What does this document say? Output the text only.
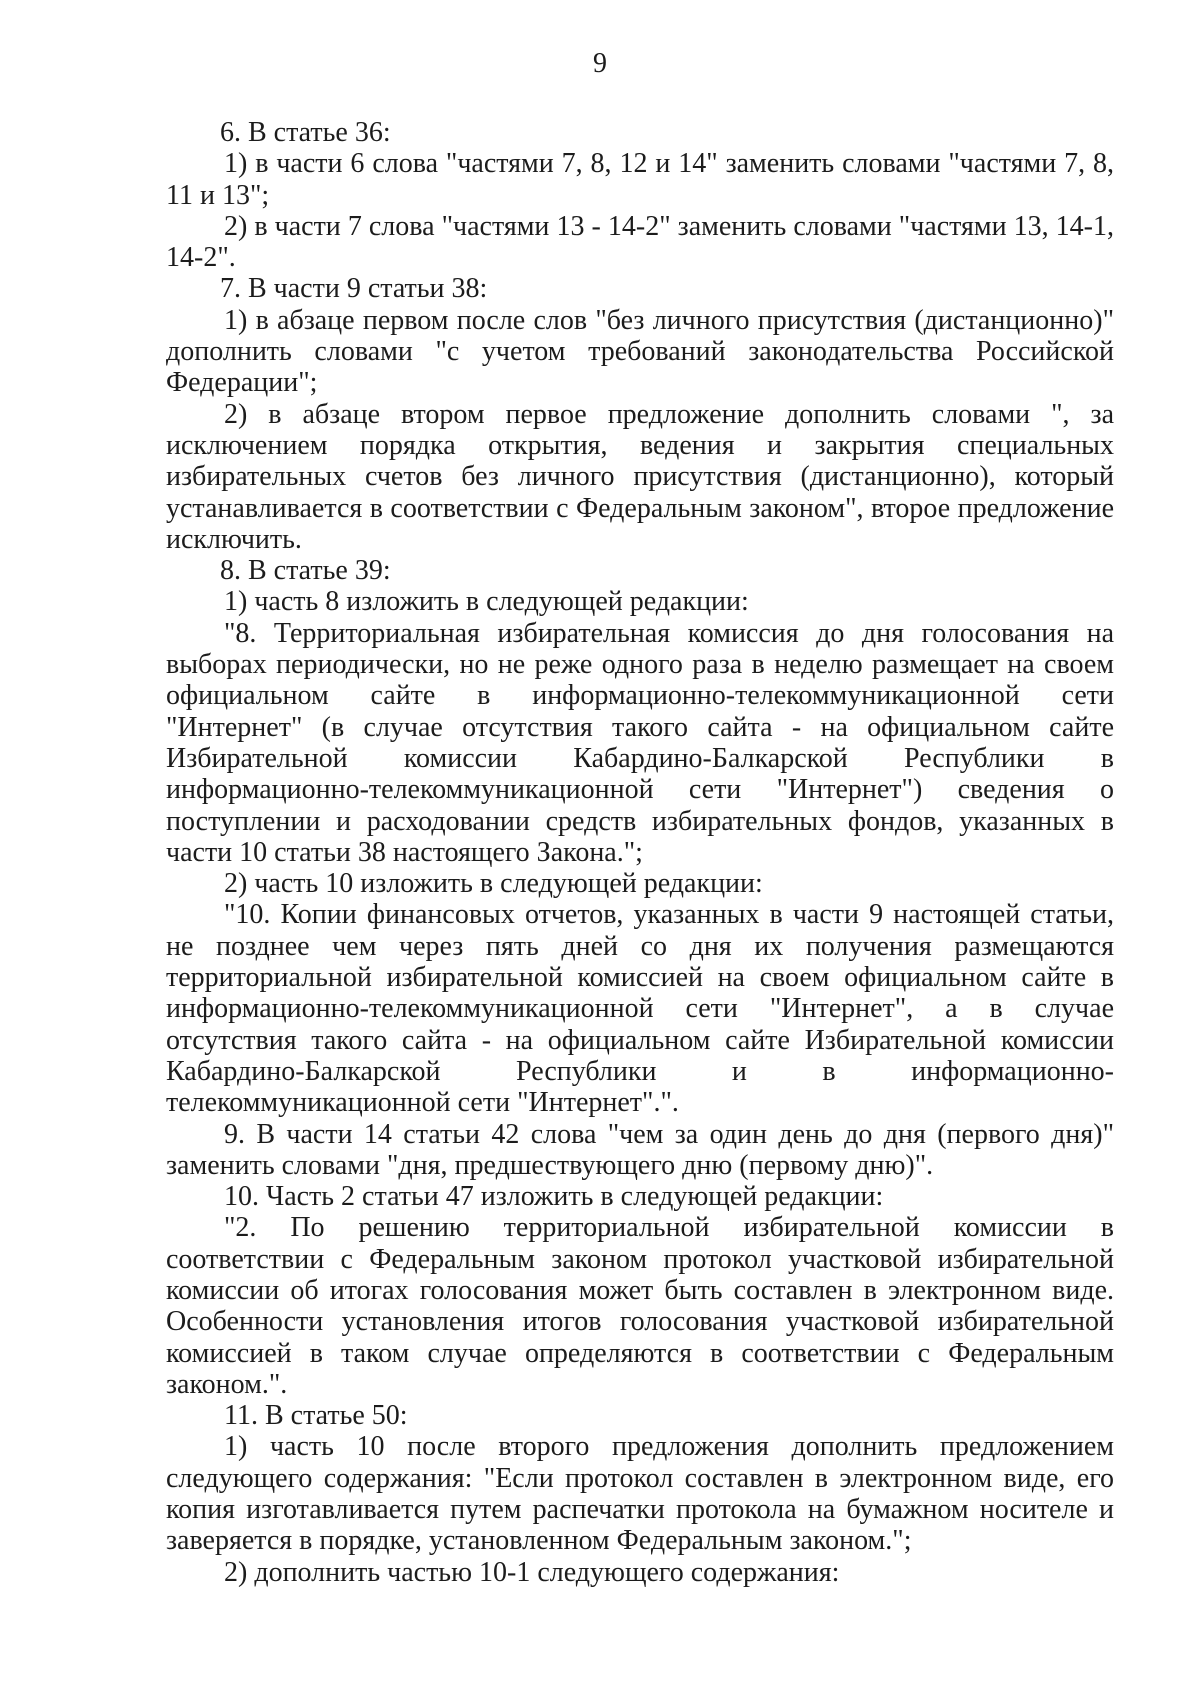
9

6. В статье 36:

1) в части 6 слова "частями 7, 8, 12 и 14" заменить словами "частями 7, 8, 11 и 13";

2) в части 7 слова "частями 13 - 14-2" заменить словами "частями 13, 14-1, 14-2".

7. В части 9 статьи 38:

1) в абзаце первом после слов "без личного присутствия (дистанционно)" дополнить словами "с учетом требований законодательства Российской Федерации";

2) в абзаце втором первое предложение дополнить словами ", за исключением порядка открытия, ведения и закрытия специальных избирательных счетов без личного присутствия (дистанционно), который устанавливается в соответствии с Федеральным законом", второе предложение исключить.

8. В статье 39:

1) часть 8 изложить в следующей редакции:

"8. Территориальная избирательная комиссия до дня голосования на выборах периодически, но не реже одного раза в неделю размещает на своем официальном сайте в информационно-телекоммуникационной сети "Интернет" (в случае отсутствия такого сайта - на официальном сайте Избирательной комиссии Кабардино-Балкарской Республики в информационно-телекоммуникационной сети "Интернет") сведения о поступлении и расходовании средств избирательных фондов, указанных в части 10 статьи 38 настоящего Закона.";

2) часть 10 изложить в следующей редакции:

"10. Копии финансовых отчетов, указанных в части 9 настоящей статьи, не позднее чем через пять дней со дня их получения размещаются территориальной избирательной комиссией на своем официальном сайте в информационно-телекоммуникационной сети "Интернет", а в случае отсутствия такого сайта - на официальном сайте Избирательной комиссии Кабардино-Балкарской Республики и в информационно-телекоммуникационной сети "Интернет".".

9. В части 14 статьи 42 слова "чем за один день до дня (первого дня)" заменить словами "дня, предшествующего дню (первому дню)".

10. Часть 2 статьи 47 изложить в следующей редакции:

"2. По решению территориальной избирательной комиссии в соответствии с Федеральным законом протокол участковой избирательной комиссии об итогах голосования может быть составлен в электронном виде. Особенности установления итогов голосования участковой избирательной комиссией в таком случае определяются в соответствии с Федеральным законом.".

11. В статье 50:

1) часть 10 после второго предложения дополнить предложением следующего содержания: "Если протокол составлен в электронном виде, его копия изготавливается путем распечатки протокола на бумажном носителе и заверяется в порядке, установленном Федеральным законом.";

2) дополнить частью 10-1 следующего содержания:
